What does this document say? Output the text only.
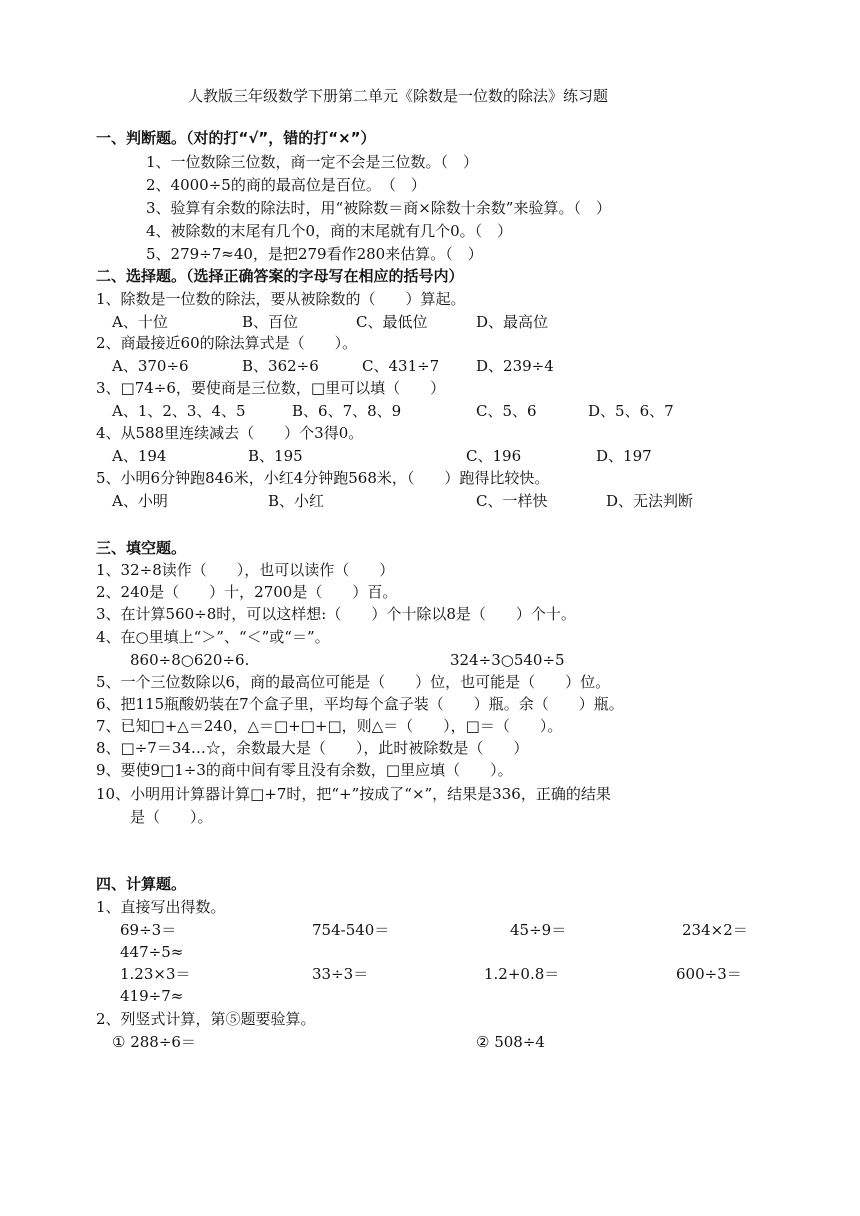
人教版三年级数学下册第二单元《除数是一位数的除法》练习题
一、判断题。（对的打“√”，错的打“×”）
1、一位数除三位数，商一定不会是三位数。（　）
2、4000÷5的商的最高位是百位。　（　）
3、验算有余数的除法时，用“被除数＝商×除数十余数”来验算。（　）
4、被除数的末尾有几个0，商的末尾就有几个0。（　）
5、279÷7≈40，是把279看作280来估算。（　）
二、选择题。（选择正确答案的字母写在相应的括号内）
1、除数是一位数的除法，要从被除数的（　　）算起。
A、十位	B、百位	C、最低位	D、最高位
2、商最接近60的除法算式是（　　）。
A、370÷6	B、362÷6	C、431÷7 D、239÷4
3、□74÷6，要使商是三位数，□里可以填（　　）
A、1、2、3、4、5	B、6、7、8、9	C、5、6	D、5、6、7
4、从588里连续减去（　　）个3得0。
A、194	B、195	C、196	D、197
5、小明6分钟跑846米，小红4分钟跑568米，（　　）跑得比较快。
A、小明	B、小红	C、一样快	D、无法判断
三、填空题。
1、32÷8读作（　　），也可以读作（　　）
2、240是（　　）十，2700是（　　）百。
3、在计算560÷8时，可以这样想:（　　）个十除以8是（　　）个十。
4、在○里填上“＞”、“＜”或“＝”。
860÷8○620÷6.	324÷3○540÷5
5、一个三位数除以6，商的最高位可能是（　　）位，也可能是（　　）位。
6、把115瓶酸奶装在7个盒子里，平均每个盒子装（　　）瓶。余（　　）瓶。
7、已知□+△＝240，△＝□+□+□，则△＝（　　），□＝（　　）。
8、□÷7＝34…☆，余数最大是（　　），此时被除数是（　　）
9、要使9□1÷3的商中间有零且没有余数，□里应填（　　）。
10、小明用计算器计算□+7时，把“+”按成了“×”，结果是336，正确的结果
是（　　）。
四、计算题。
1、直接写出得数。
69÷3＝	754-540＝	45÷9＝	234×2＝
447÷5≈
1.23×3＝	33÷3＝	1.2+0.8＝	600÷3＝
419÷7≈
2、列竖式计算，第⑤题要验算。
① 288÷6＝	② 508÷4
